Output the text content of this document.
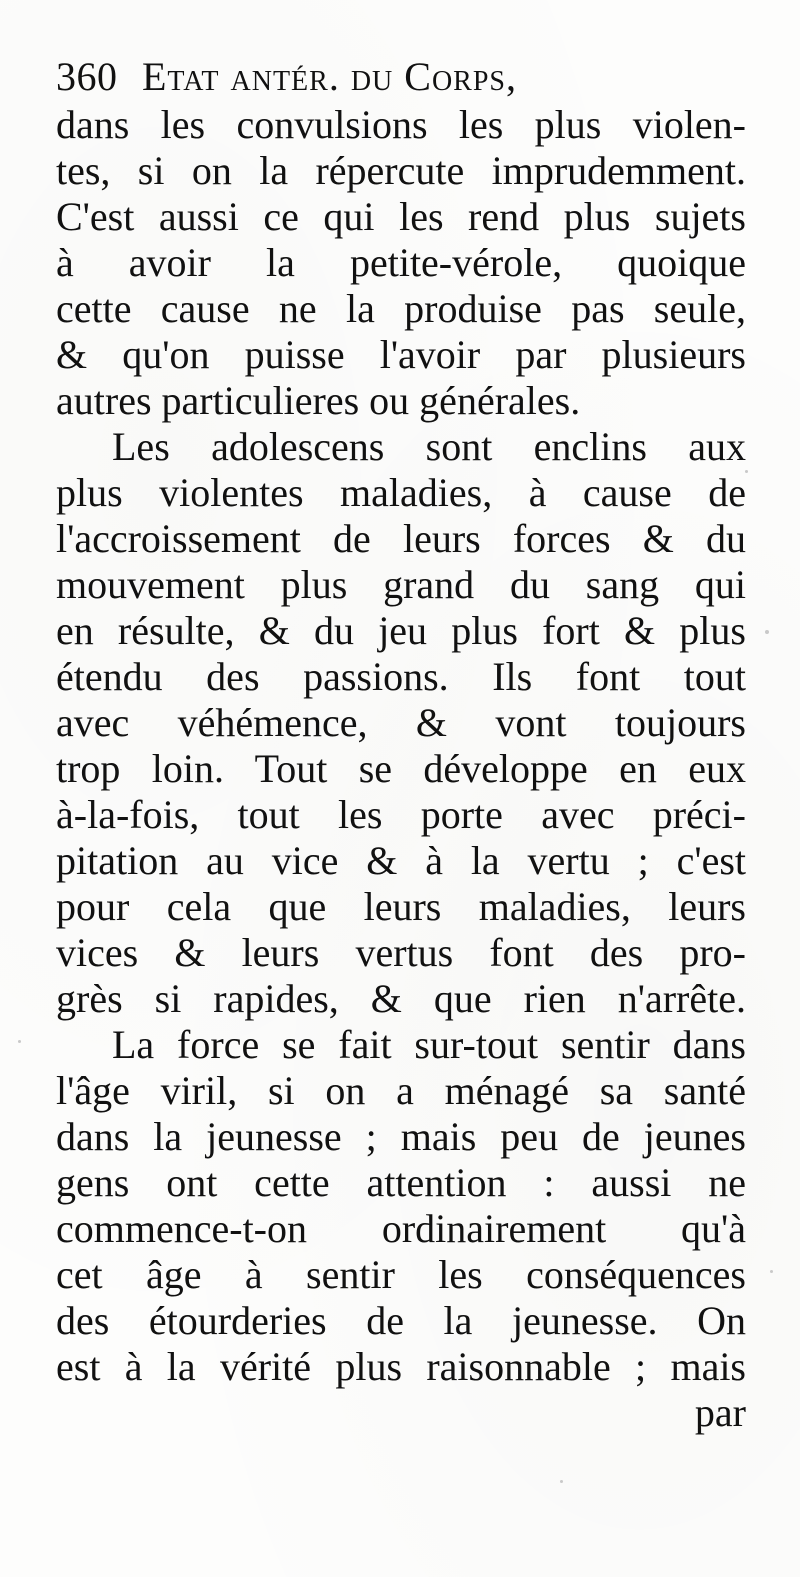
360 Etat antér. du Corps,
dans les convulsions les plus violen-
tes, si on la répercute imprudemment.
C'est aussi ce qui les rend plus sujets
à avoir la petite-vérole, quoique
cette cause ne la produise pas seule,
& qu'on puisse l'avoir par plusieurs
autres particulieres ou générales.
Les adolescens sont enclins aux
plus violentes maladies, à cause de
l'accroissement de leurs forces & du
mouvement plus grand du sang qui
en résulte, & du jeu plus fort & plus
étendu des passions. Ils font tout
avec véhémence, & vont toujours
trop loin. Tout se développe en eux
à-la-fois, tout les porte avec préci-
pitation au vice & à la vertu ; c'est
pour cela que leurs maladies, leurs
vices & leurs vertus font des pro-
grès si rapides, & que rien n'arrête.
La force se fait sur-tout sentir dans
l'âge viril, si on a ménagé sa santé
dans la jeunesse ; mais peu de jeunes
gens ont cette attention : aussi ne
commence-t-on ordinairement qu'à
cet âge à sentir les conséquences
des étourderies de la jeunesse. On
est à la vérité plus raisonnable ; mais
par
